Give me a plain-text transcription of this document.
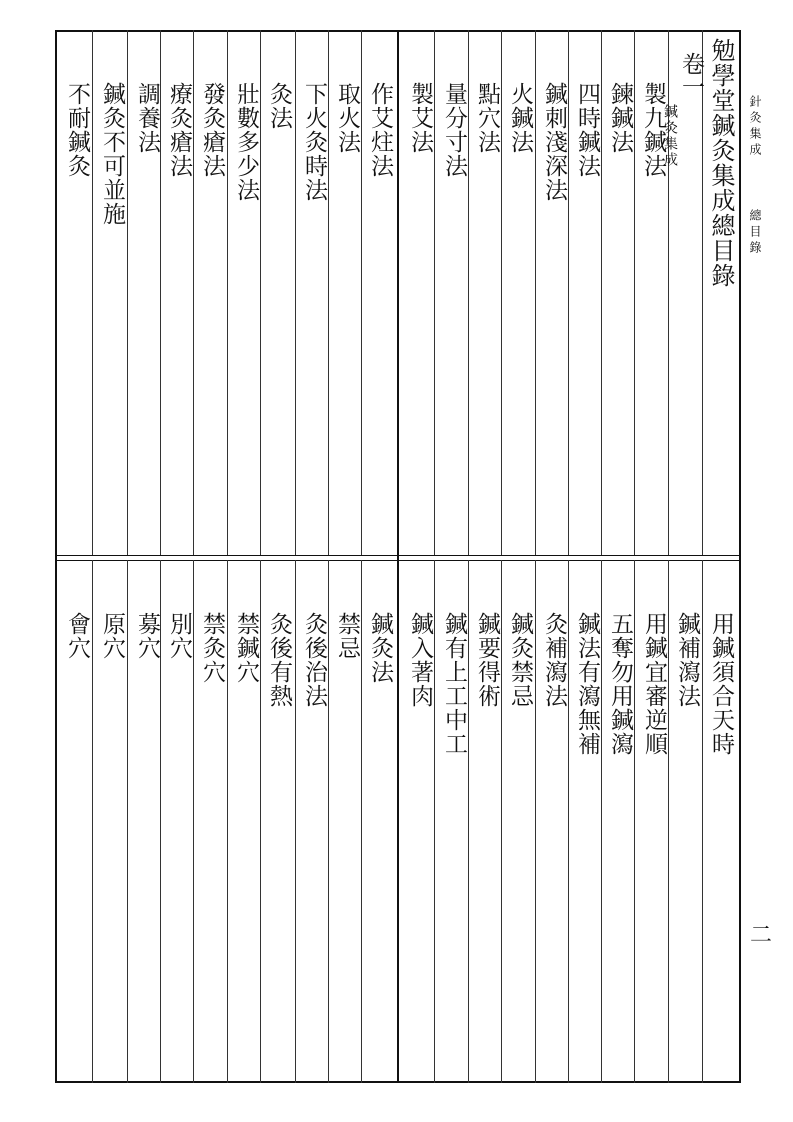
勉學堂鍼灸集成總目錄
卷一
鍼灸集成
製九鍼法
鍊鍼法
四時鍼法
鍼刺淺深法
火鍼法
點穴法
量分寸法
製艾法
作艾炷法
取火法
下火灸時法
灸法
壯數多少法
發灸瘡法
療灸瘡法
調養法
鍼灸不可並施
不耐鍼灸
用鍼須合天時
鍼補瀉法
用鍼宜審逆順
五奪勿用鍼瀉
鍼法有瀉無補
灸補瀉法
鍼灸禁忌
鍼要得術
鍼有上工中工
鍼入著肉
鍼灸法
禁忌
灸後治法
灸後有熱
禁鍼穴
禁灸穴
別穴
募穴
原穴
會穴
針灸集成  總目錄
二
